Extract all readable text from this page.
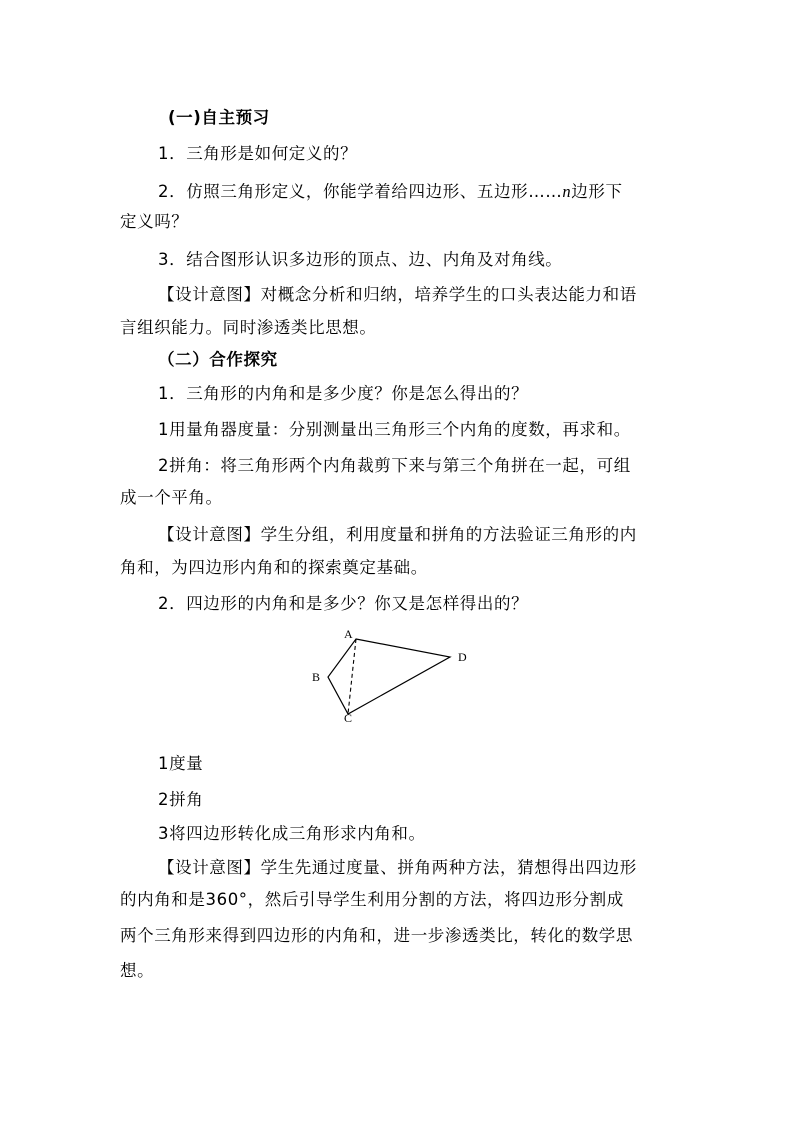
(一)自主预习
1．三角形是如何定义的？
2．仿照三角形定义，你能学着给四边形、五边形……n边形下
定义吗？
3．结合图形认识多边形的顶点、边、内角及对角线。
【设计意图】对概念分析和归纳，培养学生的口头表达能力和语
言组织能力。同时渗透类比思想。
（二）合作探究
1．三角形的内角和是多少度？你是怎么得出的？
1用量角器度量：分别测量出三角形三个内角的度数，再求和。
2拼角：将三角形两个内角裁剪下来与第三个角拼在一起，可组
成一个平角。
【设计意图】学生分组，利用度量和拼角的方法验证三角形的内
角和，为四边形内角和的探索奠定基础。
2．四边形的内角和是多少？你又是怎样得出的？
A
D
B
C
1度量
2拼角
3将四边形转化成三角形求内角和。
【设计意图】学生先通过度量、拼角两种方法，猜想得出四边形
的内角和是360°，然后引导学生利用分割的方法，将四边形分割成
两个三角形来得到四边形的内角和，进一步渗透类比，转化的数学思
想。
